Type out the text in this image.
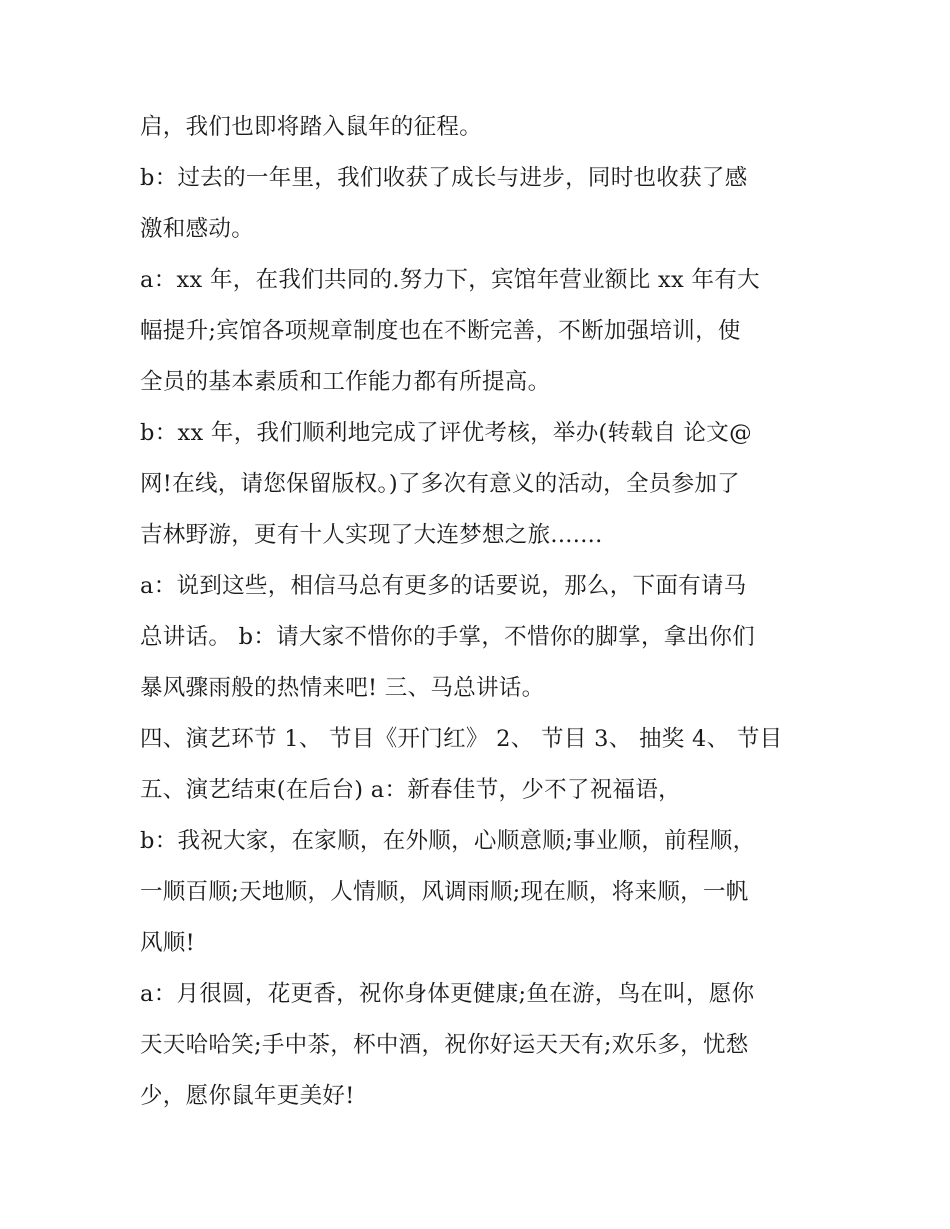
启，我们也即将踏入鼠年的征程。
b：过去的一年里，我们收获了成长与进步，同时也收获了感
激和感动。
a：xx 年，在我们共同的.努力下，宾馆年营业额比 xx 年有大
幅提升;宾馆各项规章制度也在不断完善，不断加强培训，使
全员的基本素质和工作能力都有所提高。
b：xx 年，我们顺利地完成了评优考核，举办(转载自 论文@
网!在线，请您保留版权。)了多次有意义的活动，全员参加了
吉林野游，更有十人实现了大连梦想之旅.......
a：说到这些，相信马总有更多的话要说，那么，下面有请马
总讲话。 b：请大家不惜你的手掌，不惜你的脚掌，拿出你们
暴风骤雨般的热情来吧! 三、马总讲话。
四、演艺环节 1、 节目《开门红》 2、 节目 3、 抽奖 4、 节目
五、演艺结束(在后台) a：新春佳节，少不了祝福语，
b：我祝大家，在家顺，在外顺，心顺意顺;事业顺，前程顺，
一顺百顺;天地顺，人情顺，风调雨顺;现在顺，将来顺，一帆
风顺!
a：月很圆，花更香，祝你身体更健康;鱼在游，鸟在叫，愿你
天天哈哈笑;手中茶，杯中酒，祝你好运天天有;欢乐多，忧愁
少，愿你鼠年更美好!
